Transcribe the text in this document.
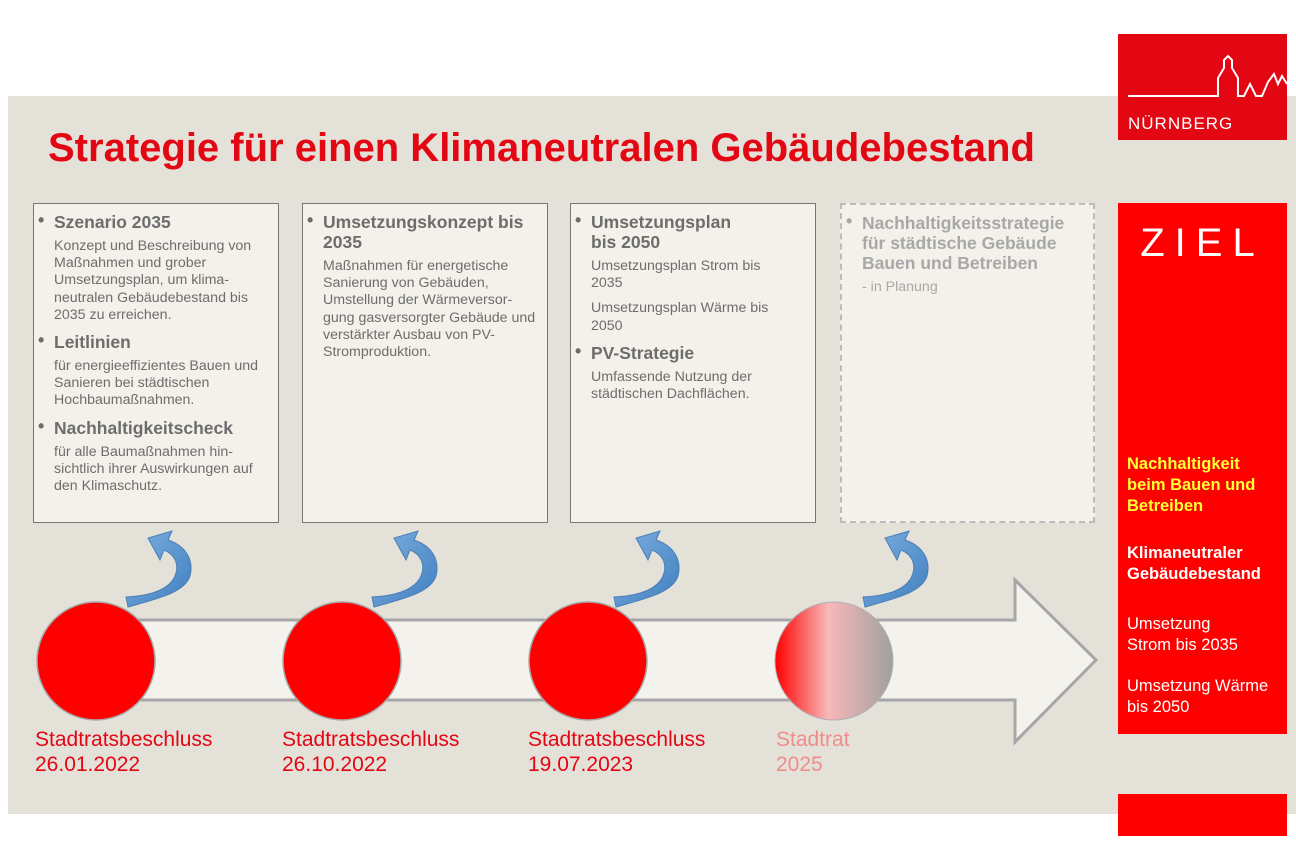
Strategie für einen Klimaneutralen Gebäudebestand
• Szenario 2035
Konzept und Beschreibung von Maßnahmen und grober Umsetzungsplan, um klima-neutralen Gebäudebestand bis 2035 zu erreichen.
• Leitlinien
für energieeffizientes Bauen und Sanieren bei städtischen Hochbaumaßnahmen.
• Nachhaltigkeitscheck
für alle Baumaßnahmen hin-sichtlich ihrer Auswirkungen auf den Klimaschutz.
• Umsetzungskonzept bis 2035
Maßnahmen für energetische Sanierung von Gebäuden, Umstellung der Wärmeversor-gung gasversorgter Gebäude und verstärkter Ausbau von PV-Stromproduktion.
• Umsetzungsplan bis 2050
Umsetzungsplan Strom bis 2035
Umsetzungsplan Wärme bis 2050
• PV-Strategie
Umfassende Nutzung der städtischen Dachflächen.
• Nachhaltigkeitsstrategie für städtische Gebäude Bauen und Betreiben
- in Planung
Stadtratsbeschluss
26.01.2022
Stadtratsbeschluss
26.10.2022
Stadtratsbeschluss
19.07.2023
Stadtrat
2025
NÜRNBERG
ZIEL
Nachhaltigkeit beim Bauen und Betreiben
Klimaneutraler Gebäudebestand
Umsetzung Strom bis 2035
Umsetzung Wärme bis 2050
